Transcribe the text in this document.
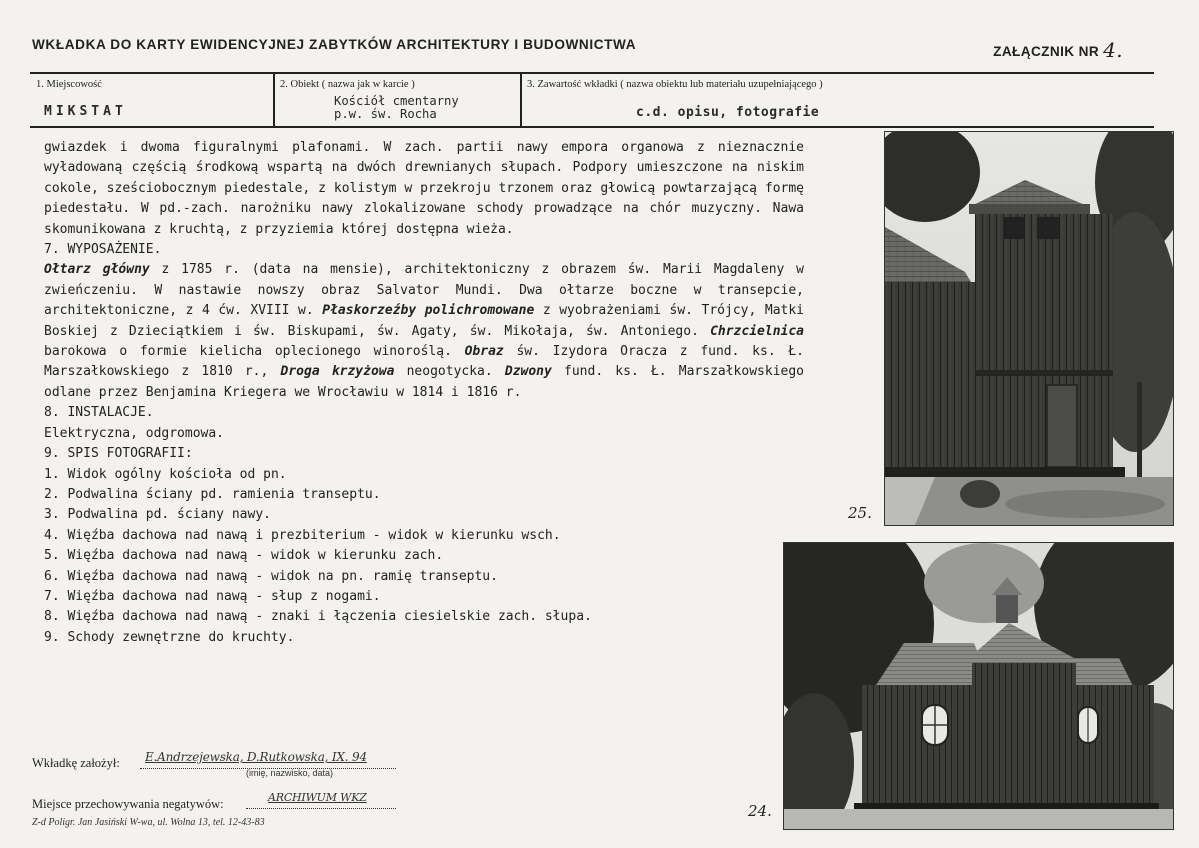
WKŁADKA DO KARTY EWIDENCYJNEJ ZABYTKÓW ARCHITEKTURY I BUDOWNICTWA	ZAŁĄCZNIK NR 4.
1. Miejscowość
MIKSTAT
2. Obiekt ( nazwa jak w karcie )
Kościół cmentarny
p.w. św. Rocha
3. Zawartość wkładki ( nazwa obiektu lub materiału uzupełniającego )
c.d. opisu, fotografie

gwiazdek i dwoma figuralnymi plafonami. W zach. partii nawy empora organowa z nieznacznie wyładowaną częścią środkową wspartą na dwóch drewnianych słupach. Podpory umieszczone na niskim cokole, sześciobocznym piedestale, z kolistym w przekroju trzonem oraz głowicą powtarzającą formę piedestału. W pd.-zach. narożniku nawy zlokalizowane schody prowadzące na chór muzyczny. Nawa skomunikowana z kruchtą, z przyziemia której dostępna wieża.

7. WYPOSAŻENIE.

Ołtarz główny z 1785 r. (data na mensie), architektoniczny z obrazem św. Marii Magdaleny w zwieńczeniu. W nastawie nowszy obraz Salvator Mundi. Dwa ołtarze boczne w transepcie, architektoniczne, z 4 ćw. XVIII w. Płaskorzeźby polichromowane z wyobrażeniami św. Trójcy, Matki Boskiej z Dzieciątkiem i św. Biskupami, św. Agaty, św. Mikołaja, św. Antoniego. Chrzcielnica barokowa o formie kielicha oplecionego winoroślą. Obraz św. Izydora Oracza z fund. ks. Ł. Marszałkowskiego z 1810 r., Droga krzyżowa neogotycka. Dzwony fund. ks. Ł. Marszałkowskiego odlane przez Benjamina Kriegera we Wrocławiu w 1814 i 1816 r.

8. INSTALACJE.

Elektryczna, odgromowa.

9. SPIS FOTOGRAFII:

1. Widok ogólny kościoła od pn.
2. Podwalina ściany pd. ramienia transeptu.
3. Podwalina pd. ściany nawy.
4. Więźba dachowa nad nawą i prezbiterium - widok w kierunku wsch.
5. Więźba dachowa nad nawą - widok w kierunku zach.
6. Więźba dachowa nad nawą - widok na pn. ramię transeptu.
7. Więźba dachowa nad nawą - słup z nogami.
8. Więźba dachowa nad nawą - znaki i łączenia ciesielskie zach. słupa.
9. Schody zewnętrzne do kruchty.
25.
24.
Wkładkę założył: E.Andrzejewska, D.Rutkowska, IX. 94
(imię, nazwisko, data)
Miejsce przechowywania negatywów:	ARCHIWUM WKZ
Z-d Poligr. Jan Jasiński W-wa, ul. Wolna 13, tel. 12-43-83
